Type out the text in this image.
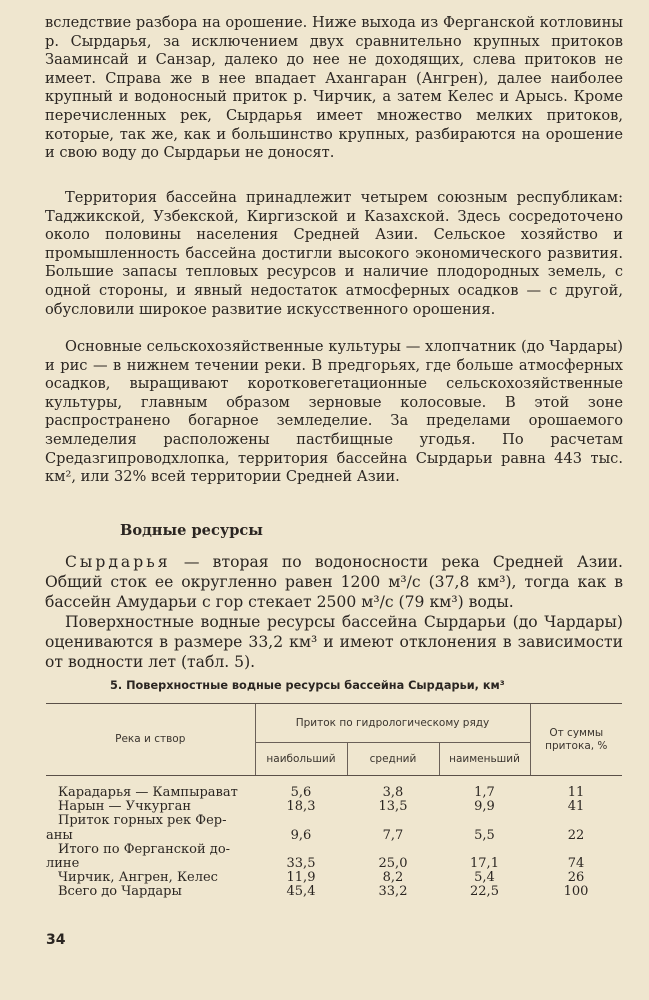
вследствие разбора на орошение. Ниже выхода из Ферганской котловины р. Сырдарья, за исключением двух сравнительно крупных притоков Зааминсай и Санзар, далеко до нее не доходящих, слева притоков не имеет. Справа же в нее впадает Ахангаран (Ангрен), далее наиболее крупный и водоносный приток р. Чирчик, а затем Келес и Арысь. Кроме перечисленных рек, Сырдарья имеет множество мелких притоков, которые, так же, как и большинство крупных, разбираются на орошение и свою воду до Сырдарьи не доносят.

Территория бассейна принадлежит четырем союзным республикам: Таджикской, Узбекской, Киргизской и Казахской. Здесь сосредоточено около половины населения Средней Азии. Сельское хозяйство и промышленность бассейна достигли высокого экономического развития. Большие запасы тепловых ресурсов и наличие плодородных земель, с одной стороны, и явный недостаток атмосферных осадков — с другой, обусловили широкое развитие искусственного орошения.

Основные сельскохозяйственные культуры — хлопчатник (до Чардары) и рис — в нижнем течении реки. В предгорьях, где больше атмосферных осадков, выращивают коротковегетационные сельскохозяйственные культуры, главным образом зерновые колосовые. В этой зоне распространено богарное земледелие. За пределами орошаемого земледелия расположены пастбищные угодья. По расчетам Средазгипроводхлопка, территория бассейна Сырдарьи равна 443 тыс. км², или 32% всей территории Средней Азии.

Водные ресурсы

Сырдарья — вторая по водоносности река Средней Азии. Общий сток ее округленно равен 1200 м³/с (37,8 км³), тогда как в бассейн Амударьи с гор стекает 2500 м³/с (79 км³) воды.

Поверхностные водные ресурсы бассейна Сырдарьи (до Чардары) оцениваются в размере 33,2 км³ и имеют отклонения в зависимости от водности лет (табл. 5).

5. Поверхностные водные ресурсы бассейна Сырдарьи, км³

Река и створ	Приток по гидрологическому ряду			От суммы притока, %
	наибольший	средний	наименьший	

Карадарья — Кампырават	5,6	3,8	1,7	11
Нарын — Учкурган	18,3	13,5	9,9	41
Приток горных рек Фер-				
аны	9,6	7,7	5,5	22
Итого по Ферганской до-				
лине	33,5	25,0	17,1	74
Чирчик, Ангрен, Келес	11,9	8,2	5,4	26
Всего до Чардары	45,4	33,2	22,5	100

34
